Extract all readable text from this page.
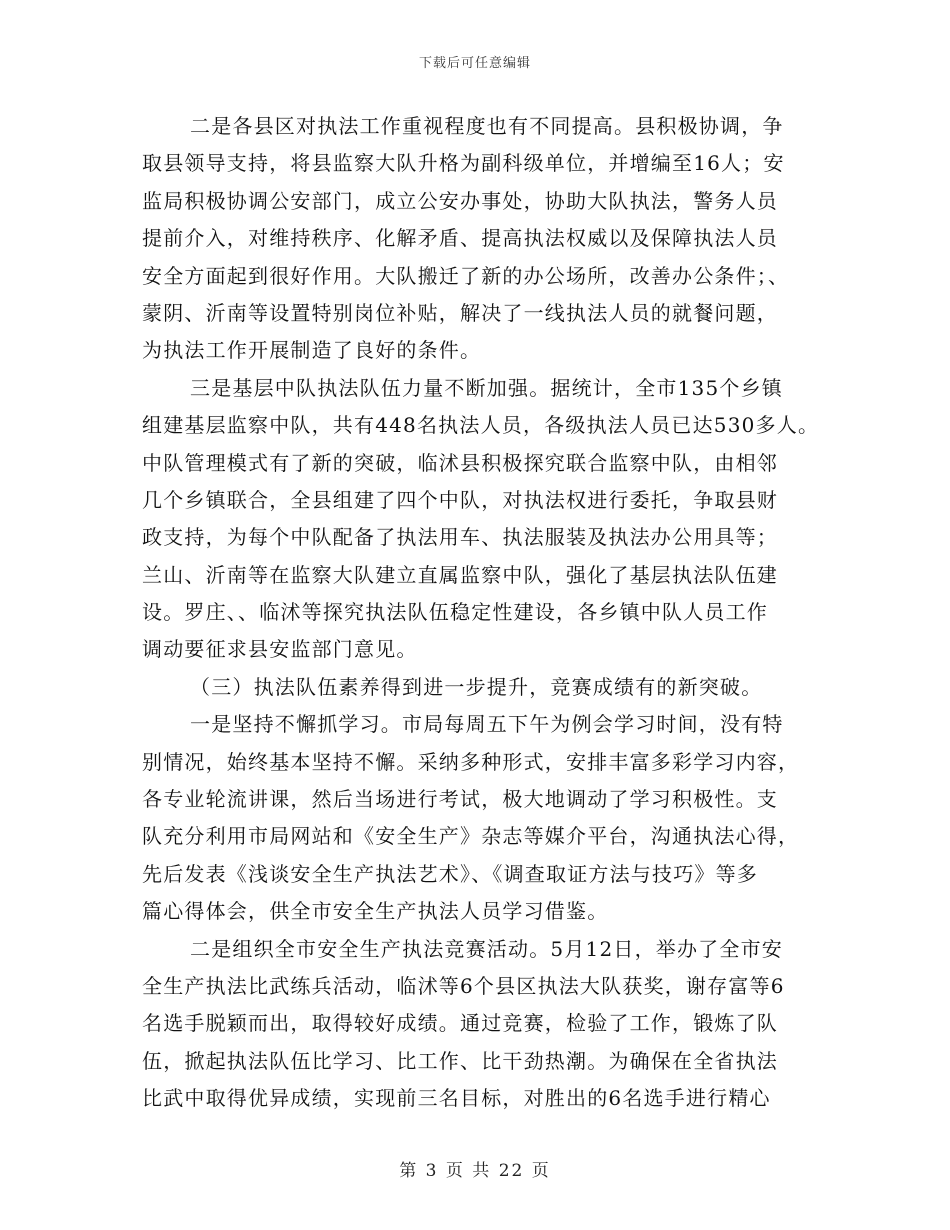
下载后可任意编辑
二是各县区对执法工作重视程度也有不同提高。县积极协调，争
取县领导支持，将县监察大队升格为副科级单位，并增编至16人；安
监局积极协调公安部门，成立公安办事处，协助大队执法，警务人员
提前介入，对维持秩序、化解矛盾、提高执法权威以及保障执法人员
安全方面起到很好作用。大队搬迁了新的办公场所，改善办公条件；、
蒙阴、沂南等设置特别岗位补贴，解决了一线执法人员的就餐问题，
为执法工作开展制造了良好的条件。
三是基层中队执法队伍力量不断加强。据统计，全市135个乡镇
组建基层监察中队，共有448名执法人员，各级执法人员已达530多人。
中队管理模式有了新的突破，临沭县积极探究联合监察中队，由相邻
几个乡镇联合，全县组建了四个中队，对执法权进行委托，争取县财
政支持，为每个中队配备了执法用车、执法服装及执法办公用具等；
兰山、沂南等在监察大队建立直属监察中队，强化了基层执法队伍建
设。罗庄、、临沭等探究执法队伍稳定性建设，各乡镇中队人员工作
调动要征求县安监部门意见。
（三）执法队伍素养得到进一步提升，竞赛成绩有的新突破。
一是坚持不懈抓学习。市局每周五下午为例会学习时间，没有特
别情况，始终基本坚持不懈。采纳多种形式，安排丰富多彩学习内容，
各专业轮流讲课，然后当场进行考试，极大地调动了学习积极性。支
队充分利用市局网站和《安全生产》杂志等媒介平台，沟通执法心得，
先后发表《浅谈安全生产执法艺术》、《调查取证方法与技巧》等多
篇心得体会，供全市安全生产执法人员学习借鉴。
二是组织全市安全生产执法竞赛活动。5月12日，举办了全市安
全生产执法比武练兵活动，临沭等6个县区执法大队获奖，谢存富等6
名选手脱颖而出，取得较好成绩。通过竞赛，检验了工作，锻炼了队
伍，掀起执法队伍比学习、比工作、比干劲热潮。为确保在全省执法
比武中取得优异成绩，实现前三名目标，对胜出的6名选手进行精心
第 3 页 共 22 页
